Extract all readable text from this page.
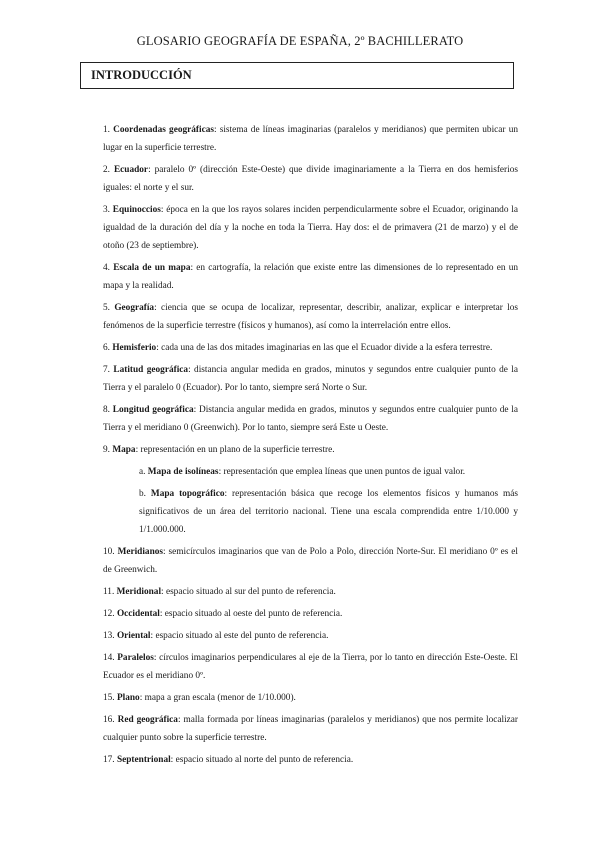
GLOSARIO GEOGRAFÍA DE ESPAÑA, 2º BACHILLERATO
INTRODUCCIÓN
1. Coordenadas geográficas: sistema de líneas imaginarias (paralelos y meridianos) que permiten ubicar un lugar en la superficie terrestre.
2. Ecuador: paralelo 0º (dirección Este-Oeste) que divide imaginariamente a la Tierra en dos hemisferios iguales: el norte y el sur.
3. Equinoccios: época en la que los rayos solares inciden perpendicularmente sobre el Ecuador, originando la igualdad de la duración del día y la noche en toda la Tierra. Hay dos: el de primavera (21 de marzo) y el de otoño (23 de septiembre).
4. Escala de un mapa: en cartografía, la relación que existe entre las dimensiones de lo representado en un mapa y la realidad.
5. Geografía: ciencia que se ocupa de localizar, representar, describir, analizar, explicar e interpretar los fenómenos de la superficie terrestre (físicos y humanos), así como la interrelación entre ellos.
6. Hemisferio: cada una de las dos mitades imaginarias en las que el Ecuador divide a la esfera terrestre.
7. Latitud geográfica: distancia angular medida en grados, minutos y segundos entre cualquier punto de la Tierra y el paralelo 0 (Ecuador). Por lo tanto, siempre será Norte o Sur.
8. Longitud geográfica: Distancia angular medida en grados, minutos y segundos entre cualquier punto de la Tierra y el meridiano 0 (Greenwich). Por lo tanto, siempre será Este u Oeste.
9. Mapa: representación en un plano de la superficie terrestre.
a. Mapa de isolíneas: representación que emplea líneas que unen puntos de igual valor.
b. Mapa topográfico: representación básica que recoge los elementos físicos y humanos más significativos de un área del territorio nacional. Tiene una escala comprendida entre 1/10.000 y 1/1.000.000.
10. Meridianos: semicírculos imaginarios que van de Polo a Polo, dirección Norte-Sur. El meridiano 0º es el de Greenwich.
11. Meridional: espacio situado al sur del punto de referencia.
12. Occidental: espacio situado al oeste del punto de referencia.
13. Oriental: espacio situado al este del punto de referencia.
14. Paralelos: círculos imaginarios perpendiculares al eje de la Tierra, por lo tanto en dirección Este-Oeste. El Ecuador es el meridiano 0º.
15. Plano: mapa a gran escala (menor de 1/10.000).
16. Red geográfica: malla formada por líneas imaginarias (paralelos y meridianos) que nos permite localizar cualquier punto sobre la superficie terrestre.
17. Septentrional: espacio situado al norte del punto de referencia.
